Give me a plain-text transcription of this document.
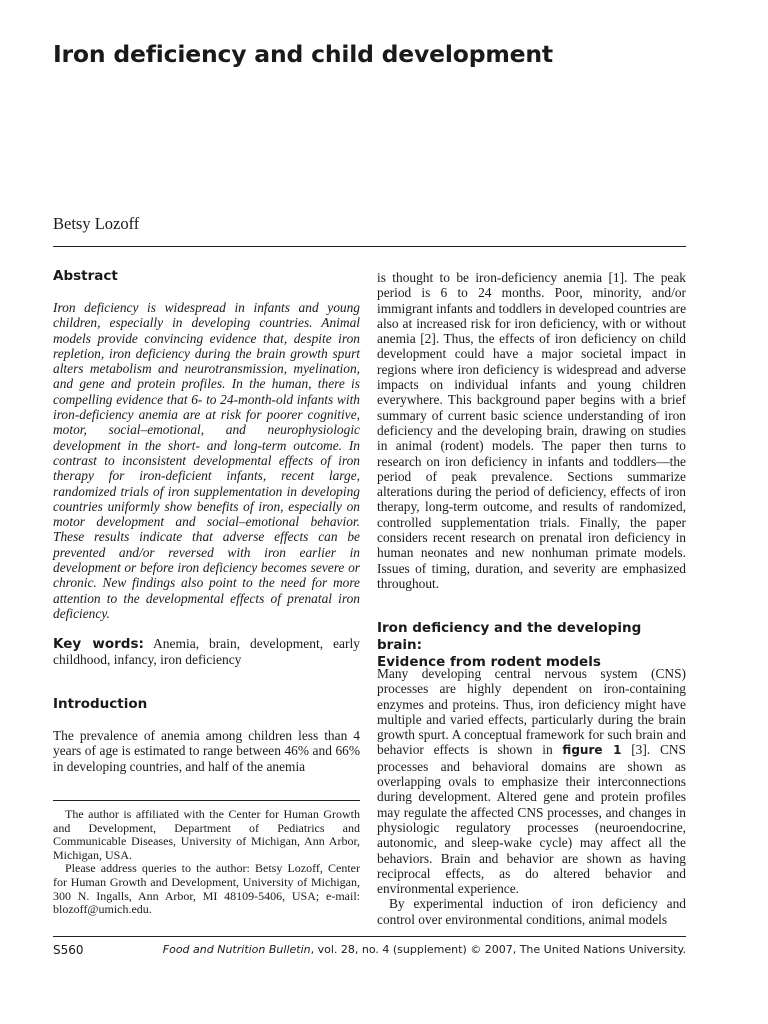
Iron deficiency and child development
Betsy Lozoff
Abstract
Iron deficiency is widespread in infants and young children, especially in developing countries. Animal models provide convincing evidence that, despite iron repletion, iron deficiency during the brain growth spurt alters metabolism and neurotransmission, myelination, and gene and protein profiles. In the human, there is compelling evidence that 6- to 24-month-old infants with iron-deficiency anemia are at risk for poorer cognitive, motor, social–emotional, and neurophysiologic development in the short- and long-term outcome. In contrast to inconsistent developmental effects of iron therapy for iron-deficient infants, recent large, randomized trials of iron supplementation in developing countries uniformly show benefits of iron, especially on motor development and social–emotional behavior. These results indicate that adverse effects can be prevented and/or reversed with iron earlier in development or before iron deficiency becomes severe or chronic. New findings also point to the need for more attention to the developmental effects of prenatal iron deficiency.
Key words: Anemia, brain, development, early childhood, infancy, iron deficiency
Introduction
The prevalence of anemia among children less than 4 years of age is estimated to range between 46% and 66% in developing countries, and half of the anemia

The author is affiliated with the Center for Human Growth and Development, Department of Pediatrics and Communicable Diseases, University of Michigan, Ann Arbor, Michigan, USA.

Please address queries to the author: Betsy Lozoff, Center for Human Growth and Development, University of Michigan, 300 N. Ingalls, Ann Arbor, MI 48109-5406, USA; e-mail: blozoff@umich.edu.

is thought to be iron-deficiency anemia [1]. The peak period is 6 to 24 months. Poor, minority, and/or immigrant infants and toddlers in developed countries are also at increased risk for iron deficiency, with or without anemia [2]. Thus, the effects of iron deficiency on child development could have a major societal impact in regions where iron deficiency is widespread and adverse impacts on individual infants and young children everywhere. This background paper begins with a brief summary of current basic science understanding of iron deficiency and the developing brain, drawing on studies in animal (rodent) models. The paper then turns to research on iron deficiency in infants and toddlers—the period of peak prevalence. Sections summarize alterations during the period of deficiency, effects of iron therapy, long-term outcome, and results of randomized, controlled supplementation trials. Finally, the paper considers recent research on prenatal iron deficiency in human neonates and new nonhuman primate models. Issues of timing, duration, and severity are emphasized throughout.
Iron deficiency and the developing brain:
Evidence from rodent models

Many developing central nervous system (CNS) processes are highly dependent on iron-containing enzymes and proteins. Thus, iron deficiency might have multiple and varied effects, particularly during the brain growth spurt. A conceptual framework for such brain and behavior effects is shown in figure 1 [3]. CNS processes and behavioral domains are shown as overlapping ovals to emphasize their interconnections during development. Altered gene and protein profiles may regulate the affected CNS processes, and changes in physiologic regulatory processes (neuroendocrine, autonomic, and sleep-wake cycle) may affect all the behaviors. Brain and behavior are shown as having reciprocal effects, as do altered behavior and environmental experience.

By experimental induction of iron deficiency and control over environmental conditions, animal models

S560	Food and Nutrition Bulletin, vol. 28, no. 4 (supplement) © 2007, The United Nations University.
